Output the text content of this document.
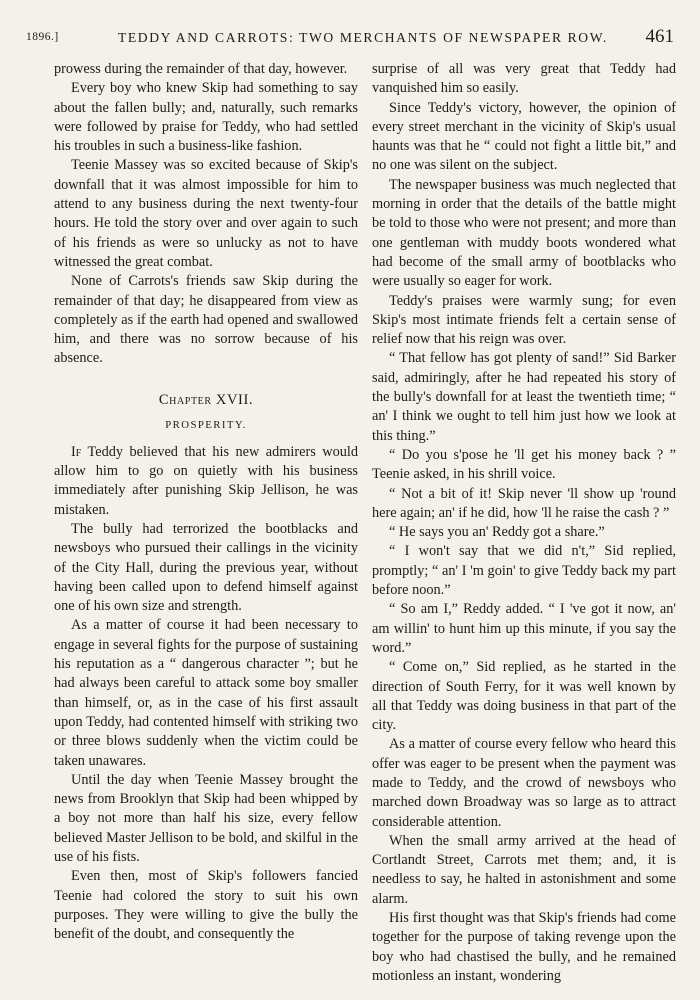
1896.]	TEDDY AND CARROTS: TWO MERCHANTS OF NEWSPAPER ROW. 461

prowess during the remainder of that day, however.

Every boy who knew Skip had something to say about the fallen bully; and, naturally, such remarks were followed by praise for Teddy, who had settled his troubles in such a business-like fashion.

Teenie Massey was so excited because of Skip's downfall that it was almost impossible for him to attend to any business during the next twenty-four hours. He told the story over and over again to such of his friends as were so unlucky as not to have witnessed the great combat.

None of Carrots's friends saw Skip during the remainder of that day; he disappeared from view as completely as if the earth had opened and swallowed him, and there was no sorrow because of his absence.

Chapter XVII.
PROSPERITY.

If Teddy believed that his new admirers would allow him to go on quietly with his business immediately after punishing Skip Jellison, he was mistaken.

The bully had terrorized the bootblacks and newsboys who pursued their callings in the vicinity of the City Hall, during the previous year, without having been called upon to defend himself against one of his own size and strength.

As a matter of course it had been necessary to engage in several fights for the purpose of sustaining his reputation as a “ dangerous character ”; but he had always been careful to attack some boy smaller than himself, or, as in the case of his first assault upon Teddy, had contented himself with striking two or three blows suddenly when the victim could be taken unawares.

Until the day when Teenie Massey brought the news from Brooklyn that Skip had been whipped by a boy not more than half his size, every fellow believed Master Jellison to be bold, and skilful in the use of his fists.

Even then, most of Skip's followers fancied Teenie had colored the story to suit his own purposes. They were willing to give the bully the benefit of the doubt, and consequently the

surprise of all was very great that Teddy had vanquished him so easily.

Since Teddy's victory, however, the opinion of every street merchant in the vicinity of Skip's usual haunts was that he “ could not fight a little bit,” and no one was silent on the subject.

The newspaper business was much neglected that morning in order that the details of the battle might be told to those who were not present; and more than one gentleman with muddy boots wondered what had become of the small army of bootblacks who were usually so eager for work.

Teddy's praises were warmly sung; for even Skip's most intimate friends felt a certain sense of relief now that his reign was over.

“ That fellow has got plenty of sand!” Sid Barker said, admiringly, after he had repeated his story of the bully's downfall for at least the twentieth time; “ an' I think we ought to tell him just how we look at this thing.”

“ Do you s'pose he 'll get his money back ? ” Teenie asked, in his shrill voice.

“ Not a bit of it! Skip never 'll show up 'round here again; an' if he did, how 'll he raise the cash ? ”

“ He says you an' Reddy got a share.”

“ I won't say that we did n't,” Sid replied, promptly; “ an' I 'm goin' to give Teddy back my part before noon.”

“ So am I,” Reddy added. “ I 've got it now, an' am willin' to hunt him up this minute, if you say the word.”

“ Come on,” Sid replied, as he started in the direction of South Ferry, for it was well known by all that Teddy was doing business in that part of the city.

As a matter of course every fellow who heard this offer was eager to be present when the payment was made to Teddy, and the crowd of newsboys who marched down Broadway was so large as to attract considerable attention.

When the small army arrived at the head of Cortlandt Street, Carrots met them; and, it is needless to say, he halted in astonishment and some alarm.

His first thought was that Skip's friends had come together for the purpose of taking revenge upon the boy who had chastised the bully, and he remained motionless an instant, wondering
